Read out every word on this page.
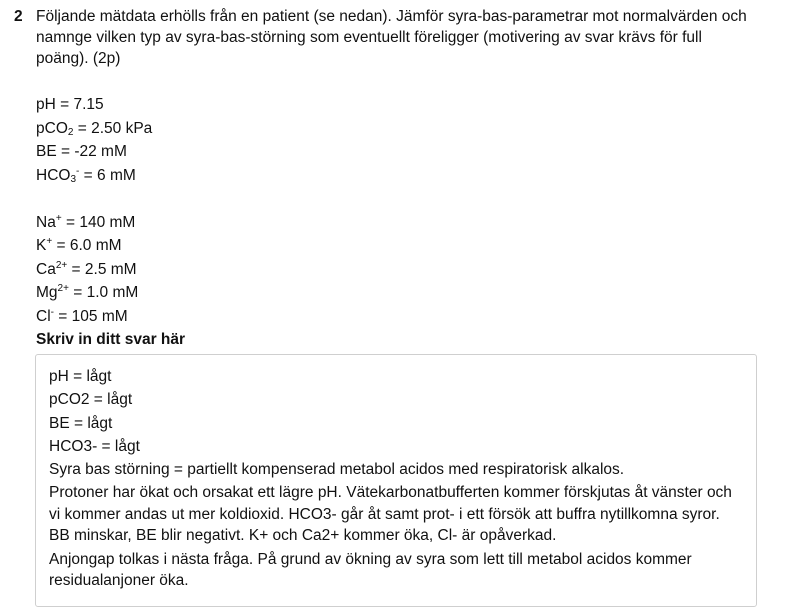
2 Följande mätdata erhölls från en patient (se nedan). Jämför syra-bas-parametrar mot normalvärden och namnge vilken typ av syra-bas-störning som eventuellt föreligger (motivering av svar krävs för full poäng). (2p)
pH = 7.15
pCO$_2$ = 2.50 kPa
BE = -22 mM
$HCO_3^- = 6$ mM
Na+ = 140 mM
K+ = 6.0 mM
$Ca^{2+} = 2.5$ mM
$Mg^{2+} = 1.0$ mM
Cl- = 105 mM
Skriv in ditt svar här
pH = lågt
pCO2 = lågt
BE = lågt
HCO3- = lågt
Syra bas störning = partiellt kompenserad metabol acidos med respiratorisk alkalos.
Protoner har ökat och orsakat ett lägre pH. Vätekarbonatbufferten kommer förskjutas åt vänster och vi kommer andas ut mer koldioxid. HCO3- går åt samt prot- i ett försök att buffra nytillkomna syror. BB minskar, BE blir negativt. K+ och Ca2+ kommer öka, Cl- är opåverkad.
Anjongap tolkas i nästa fråga. På grund av ökning av syra som lett till metabol acidos kommer residualanjoner öka.
